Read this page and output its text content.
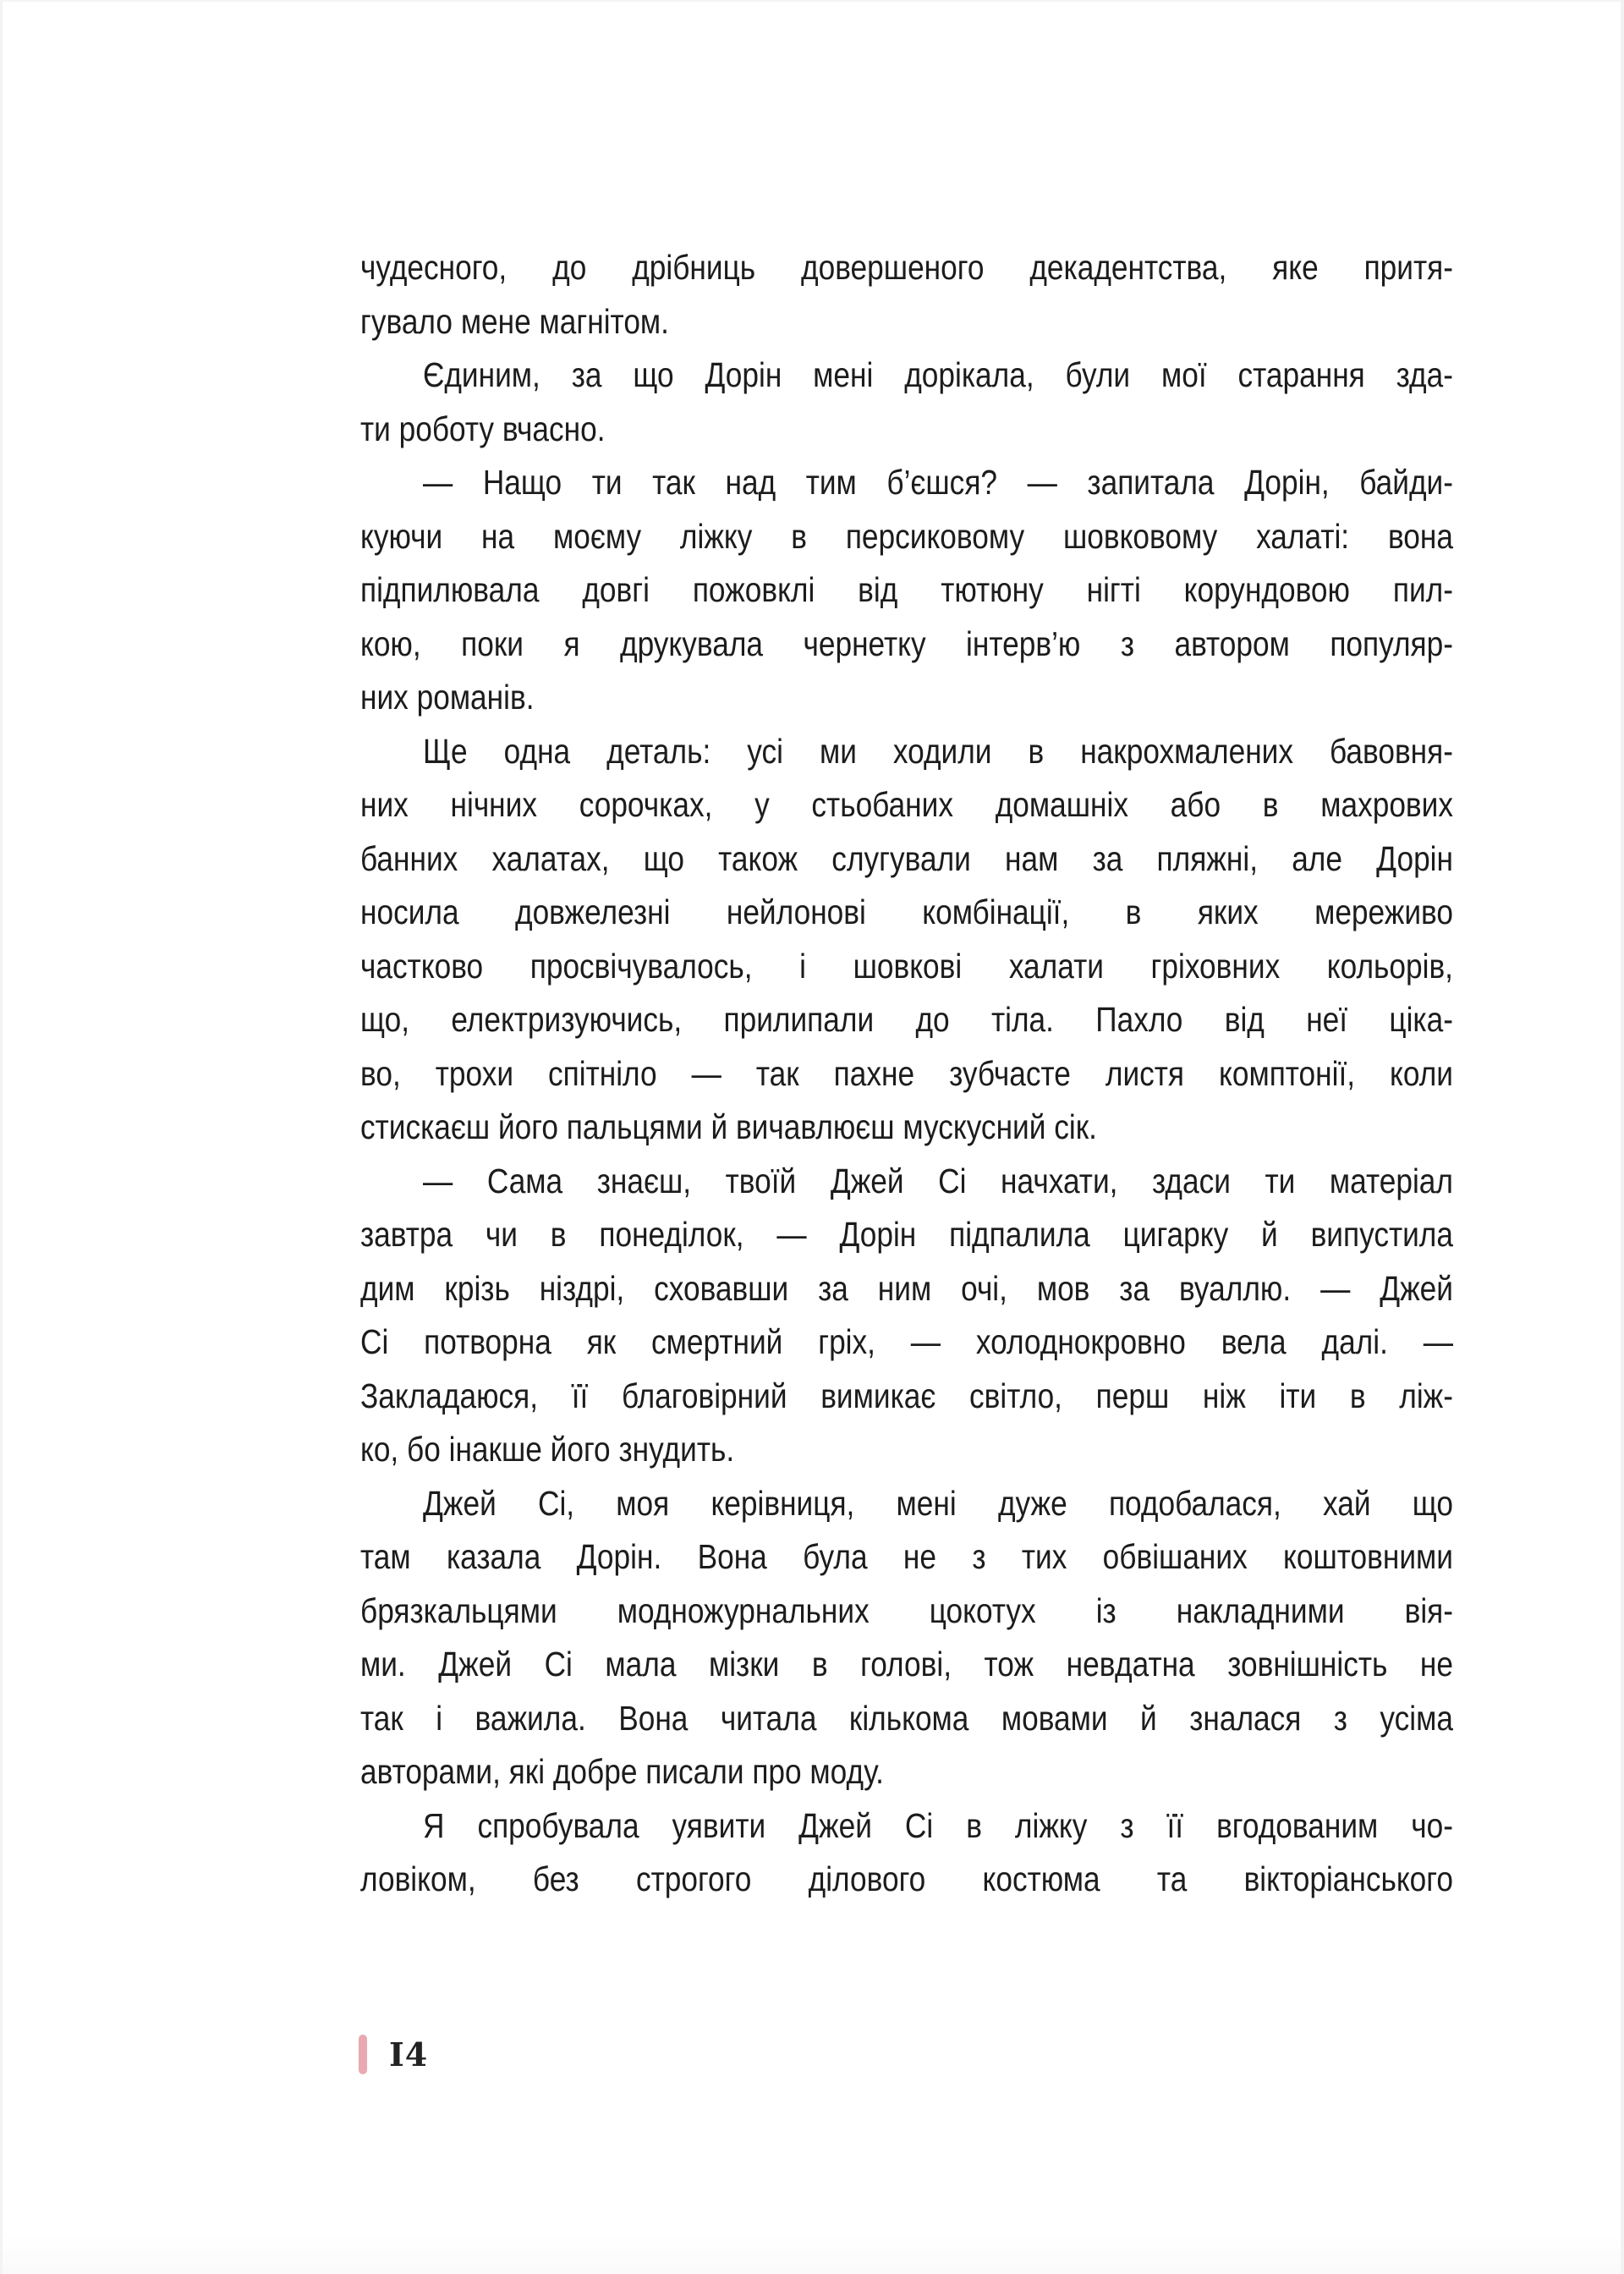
чудесного, до дрібниць довершеного декадентства, яке притя-
гувало мене магнітом.
Єдиним, за що Дорін мені дорікала, були мої старання зда-
ти роботу вчасно.
— Нащо ти так над тим б’єшся? — запитала Дорін, байди-
куючи на моєму ліжку в персиковому шовковому халаті: вона
підпилювала довгі пожовклі від тютюну нігті корундовою пил-
кою, поки я друкувала чернетку інтерв’ю з автором популяр-
них романів.
Ще одна деталь: усі ми ходили в накрохмалених бавовня-
них нічних сорочках, у стьобаних домашніх або в махрових
банних халатах, що також слугували нам за пляжні, але Дорін
носила довжелезні нейлонові комбінації, в яких мереживо
частково просвічувалось, і шовкові халати гріховних кольорів,
що, електризуючись, прилипали до тіла. Пахло від неї ціка-
во, трохи спітніло — так пахне зубчасте листя комптонії, коли
стискаєш його пальцями й вичавлюєш мускусний сік.
— Сама знаєш, твоїй Джей Сі начхати, здаси ти матеріал
завтра чи в понеділок, — Дорін підпалила цигарку й випустила
дим крізь ніздрі, сховавши за ним очі, мов за вуаллю. — Джей
Сі потворна як смертний гріх, — холоднокровно вела далі. —
Закладаюся, її благовірний вимикає світло, перш ніж іти в ліж-
ко, бо інакше його знудить.
Джей Сі, моя керівниця, мені дуже подобалася, хай що
там казала Дорін. Вона була не з тих обвішаних коштовними
брязкальцями модножурнальних цокотух із накладними вія-
ми. Джей Сі мала мізки в голові, тож невдатна зовнішність не
так і важила. Вона читала кількома мовами й зналася з усіма
авторами, які добре писали про моду.
Я спробувала уявити Джей Сі в ліжку з її вгодованим чо-
ловіком, без строгого ділового костюма та вікторіанського
I4
